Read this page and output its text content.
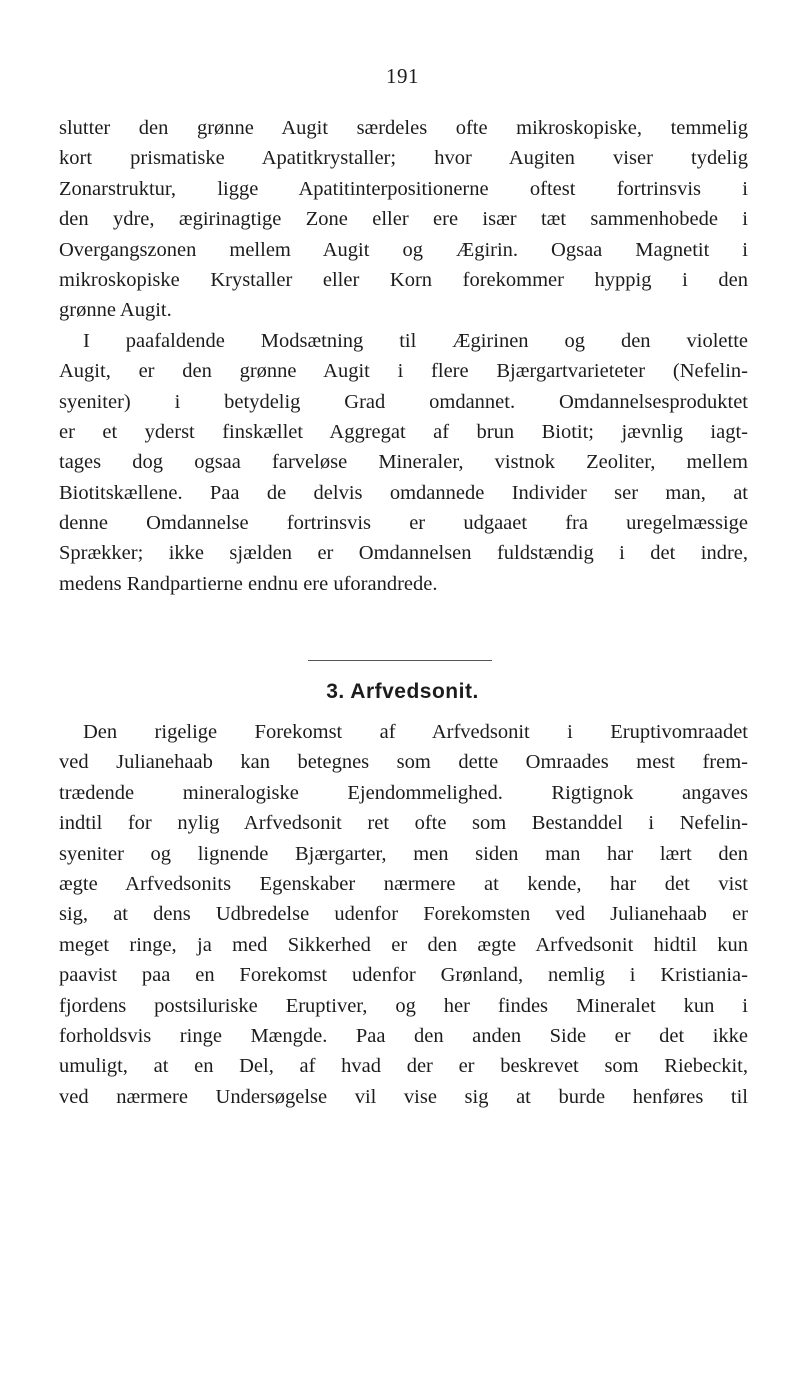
191
slutter den grønne Augit særdeles ofte mikroskopiske, temmelig
kort prismatiske Apatitkrystaller; hvor Augiten viser tydelig
Zonarstruktur, ligge Apatitinterpositionerne oftest fortrinsvis i
den ydre, ægirinagtige Zone eller ere især tæt sammenhobede i
Overgangszonen mellem Augit og Ægirin. Ogsaa Magnetit i
mikroskopiske Krystaller eller Korn forekommer hyppig i den
grønne Augit.
I paafaldende Modsætning til Ægirinen og den violette
Augit, er den grønne Augit i flere Bjærgartvarieteter (Nefelin-
syeniter) i betydelig Grad omdannet. Omdannelsesproduktet
er et yderst finskællet Aggregat af brun Biotit; jævnlig iagt-
tages dog ogsaa farveløse Mineraler, vistnok Zeoliter, mellem
Biotitskællene. Paa de delvis omdannede Individer ser man, at
denne Omdannelse fortrinsvis er udgaaet fra uregelmæssige
Sprækker; ikke sjælden er Omdannelsen fuldstændig i det indre,
medens Randpartierne endnu ere uforandrede.
3. Arfvedsonit.
Den rigelige Forekomst af Arfvedsonit i Eruptivomraadet
ved Julianehaab kan betegnes som dette Omraades mest frem-
trædende mineralogiske Ejendommelighed. Rigtignok angaves
indtil for nylig Arfvedsonit ret ofte som Bestanddel i Nefelin-
syeniter og lignende Bjærgarter, men siden man har lært den
ægte Arfvedsonits Egenskaber nærmere at kende, har det vist
sig, at dens Udbredelse udenfor Forekomsten ved Julianehaab er
meget ringe, ja med Sikkerhed er den ægte Arfvedsonit hidtil kun
paavist paa en Forekomst udenfor Grønland, nemlig i Kristiania-
fjordens postsiluriske Eruptiver, og her findes Mineralet kun i
forholdsvis ringe Mængde. Paa den anden Side er det ikke
umuligt, at en Del, af hvad der er beskrevet som Riebeckit,
ved nærmere Undersøgelse vil vise sig at burde henføres til
